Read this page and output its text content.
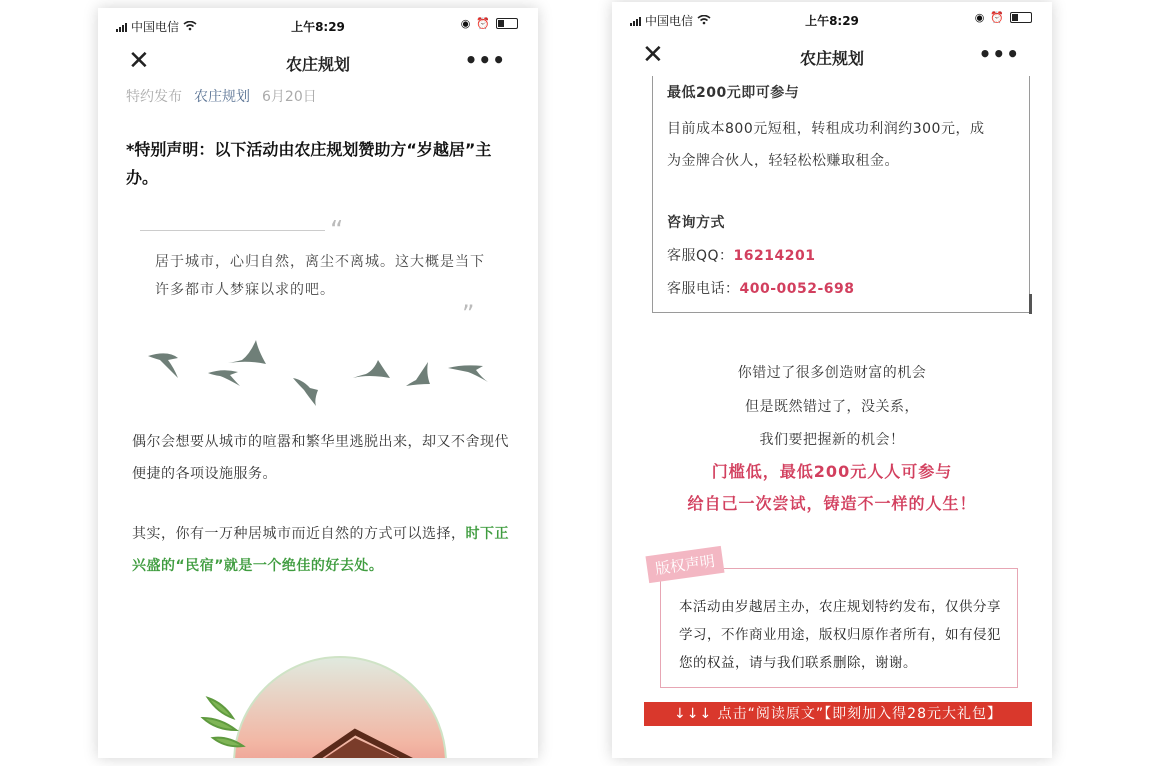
中国电信	上午8:29	◉ ⏰
✕	农庄规划	•••
特约发布 农庄规划 6月20日
*特别声明：以下活动由农庄规划赞助方“岁越居”主办。
“
居于城市，心归自然，离尘不离城。这大概是当下许多都市人梦寐以求的吧。
”
偶尔会想要从城市的喧嚣和繁华里逃脱出来，却又不舍现代便捷的各项设施服务。
其实，你有一万种居城市而近自然的方式可以选择，时下正兴盛的“民宿”就是一个绝佳的好去处。
中国电信	上午8:29	◉ ⏰
✕	农庄规划	•••
最低200元即可参与
目前成本800元短租，转租成功利润约300元，成
为金牌合伙人，轻轻松松赚取租金。
咨询方式
客服QQ：16214201
客服电话：400-0052-698
你错过了很多创造财富的机会
但是既然错过了，没关系，
我们要把握新的机会！
门槛低，最低200元人人可参与
给自己一次尝试，铸造不一样的人生！
版权声明
本活动由岁越居主办，农庄规划特约发布，仅供分享学习，不作商业用途，版权归原作者所有，如有侵犯您的权益，请与我们联系删除，谢谢。
↓↓↓ 点击“阅读原文”【即刻加入得28元大礼包】
